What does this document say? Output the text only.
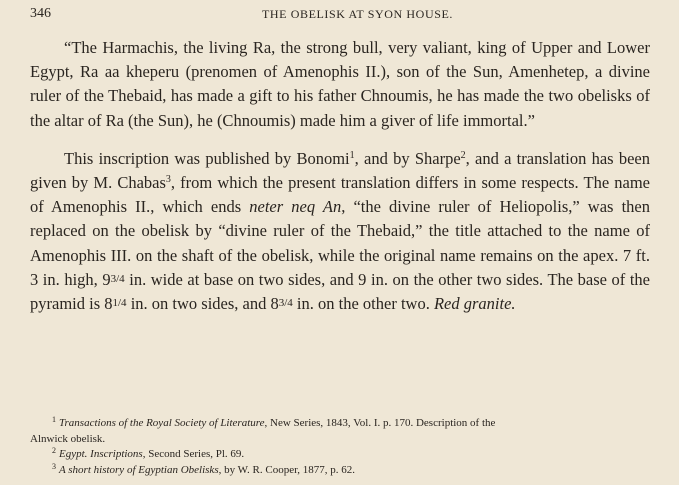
346	THE OBELISK AT SYON HOUSE.

“The Harmachis, the living Ra, the strong bull, very valiant, king of Upper and Lower Egypt, Ra aa kheperu (prenomen of Amenophis II.), son of the Sun, Amenhetep, a divine ruler of the Thebaid, has made a gift to his father Chnoumis, he has made the two obelisks of the altar of Ra (the Sun), he (Chnoumis) made him a giver of life immortal.”

This inscription was published by Bonomi$^1$, and by Sharpe$^2$, and a translation has been given by M. Chabas$^3$, from which the present translation differs in some respects. The name of Amenophis II., which ends neter neq An, “the divine ruler of Heliopolis,” was then replaced on the obelisk by “divine ruler of the Thebaid,” the title attached to the name of Amenophis III. on the shaft of the obelisk, while the original name remains on the apex. 7 ft. 3 in. high, 93/4 in. wide at base on two sides, and 9 in. on the other two sides. The base of the pyramid is 81/4 in. on two sides, and 83/4 in. on the other two. Red granite.

$^1$ Transactions of the Royal Society of Literature, New Series, 1843, Vol. I. p. 170. Description of the
Alnwick obelisk.

$^2$ Egypt. Inscriptions, Second Series, Pl. 69.

$^3$ A short history of Egyptian Obelisks, by W. R. Cooper, 1877, p. 62.
